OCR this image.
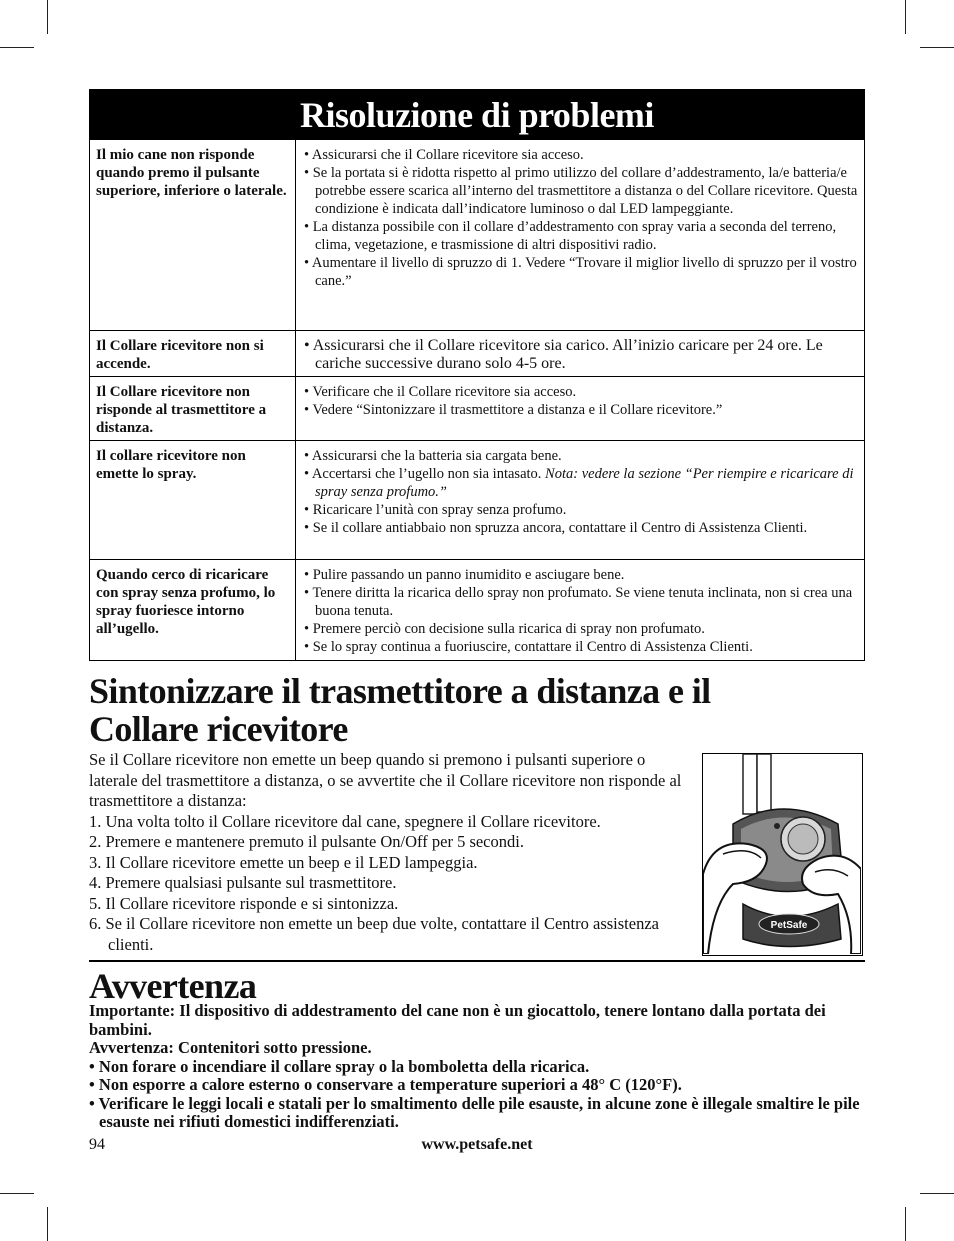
Risoluzione di problemi
Il mio cane non risponde quando premo il pulsante superiore, inferiore o laterale.
• Assicurarsi che il Collare ricevitore sia acceso.
• Se la portata si è ridotta rispetto al primo utilizzo del collare d’addestramento, la/e batteria/e potrebbe essere scarica all’interno del trasmettitore a distanza o del Collare ricevitore. Questa condizione è indicata dall’indicatore luminoso o dal LED lampeggiante.
• La distanza possibile con il collare d’addestramento con spray varia a seconda del terreno, clima, vegetazione, e trasmissione di altri dispositivi radio.
• Aumentare il livello di spruzzo di 1. Vedere “Trovare il miglior livello di spruzzo per il vostro cane.”
Il Collare ricevitore non si accende.
• Assicurarsi che il Collare ricevitore sia carico. All’inizio caricare per 24 ore. Le cariche successive durano solo 4-5 ore.
Il Collare ricevitore non risponde al trasmettitore a distanza.
• Verificare che il Collare ricevitore sia acceso.
• Vedere “Sintonizzare il trasmettitore a distanza e il Collare ricevitore.”
Il collare ricevitore non emette lo spray.
• Assicurarsi che la batteria sia cargata bene.
• Accertarsi che l’ugello non sia intasato. Nota: vedere la sezione “Per riempire e ricaricare di spray senza profumo.”
• Ricaricare l’unità con spray senza profumo.
• Se il collare antiabbaio non spruzza ancora, contattare il Centro di Assistenza Clienti.
Quando cerco di ricaricare con spray senza profumo, lo spray fuoriesce intorno all’ugello.
• Pulire passando un panno inumidito e asciugare bene.
• Tenere diritta la ricarica dello spray non profumato. Se viene tenuta inclinata, non si crea una buona tenuta.
• Premere perciò con decisione sulla ricarica di spray non profumato.
• Se lo spray continua a fuoriuscire, contattare il Centro di Assistenza Clienti.
Sintonizzare il trasmettitore a distanza e il
Collare ricevitore
Se il Collare ricevitore non emette un beep quando si premono i pulsanti superiore o laterale del trasmettitore a distanza, o se avvertite che il Collare ricevitore non risponde al trasmettitore a distanza:
1. Una volta tolto il Collare ricevitore dal cane, spegnere il Collare ricevitore.
2. Premere e mantenere premuto il pulsante On/Off per 5 secondi.
3. Il Collare ricevitore emette un beep e il LED lampeggia.
4. Premere qualsiasi pulsante sul trasmettitore.
5. Il Collare ricevitore risponde e si sintonizza.
6. Se il Collare ricevitore non emette un beep due volte, contattare il Centro assistenza clienti.
PetSafe
Avvertenza

Importante: Il dispositivo di addestramento del cane non è un giocattolo, tenere lontano dalla portata dei bambini.

Avvertenza: Contenitori sotto pressione.

• Non forare o incendiare il collare spray o la bomboletta della ricarica.

• Non esporre a calore esterno o conservare a temperature superiori a 48° C (120°F).

• Verificare le leggi locali e statali per lo smaltimento delle pile esauste, in alcune zone è illegale smaltire le pile esauste nei rifiuti domestici indifferenziati.

94	www.petsafe.net
